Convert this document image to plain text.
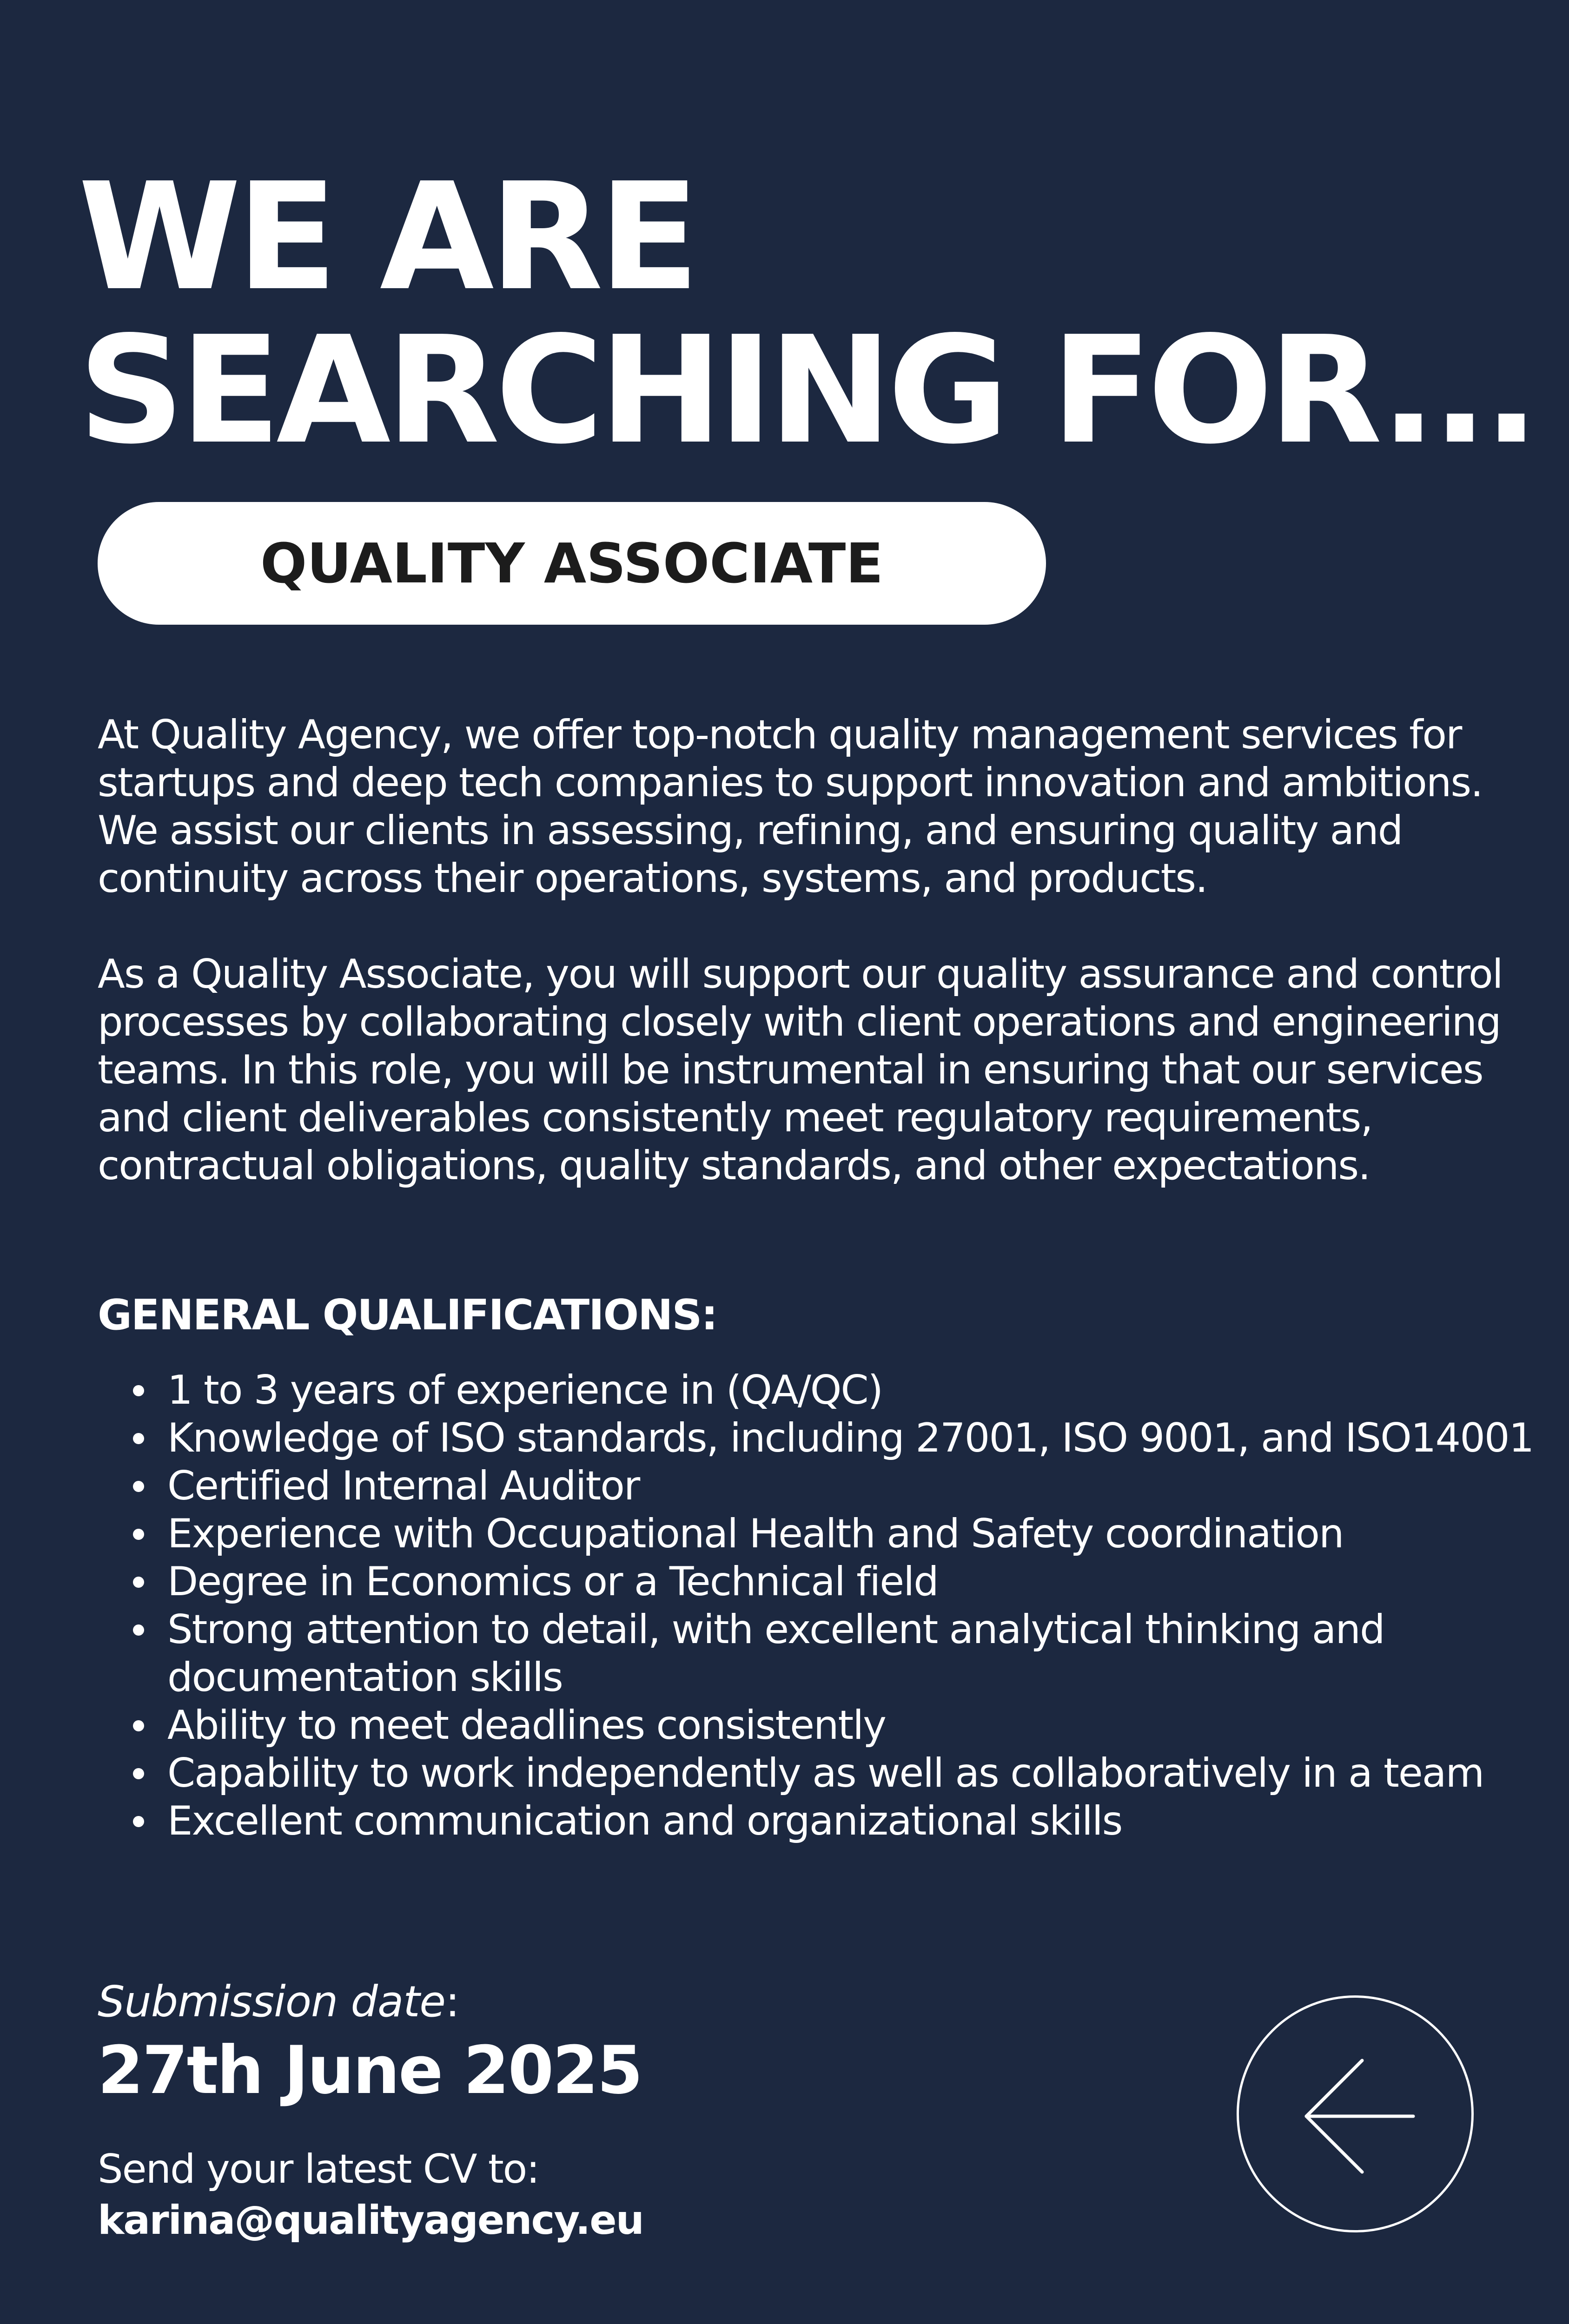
WE ARE
SEARCHING FOR...
QUALITY ASSOCIATE

At Quality Agency, we offer top-notch quality management services for startups and deep tech companies to support innovation and ambitions. We assist our clients in assessing, refining, and ensuring quality and continuity across their operations, systems, and products.

As a Quality Associate, you will support our quality assurance and control processes by collaborating closely with client operations and engineering teams. In this role, you will be instrumental in ensuring that our services and client deliverables consistently meet regulatory requirements, contractual obligations, quality standards, and other expectations.

GENERAL QUALIFICATIONS:
1 to 3 years of experience in (QA/QC)
Knowledge of ISO standards, including 27001, ISO 9001, and ISO14001
Certified Internal Auditor
Experience with Occupational Health and Safety coordination
Degree in Economics or a Technical field
Strong attention to detail, with excellent analytical thinking and documentation skills
Ability to meet deadlines consistently
Capability to work independently as well as collaboratively in a team
Excellent communication and organizational skills

Submission date:

27th June 2025

Send your latest CV to:

karina@qualityagency.eu
